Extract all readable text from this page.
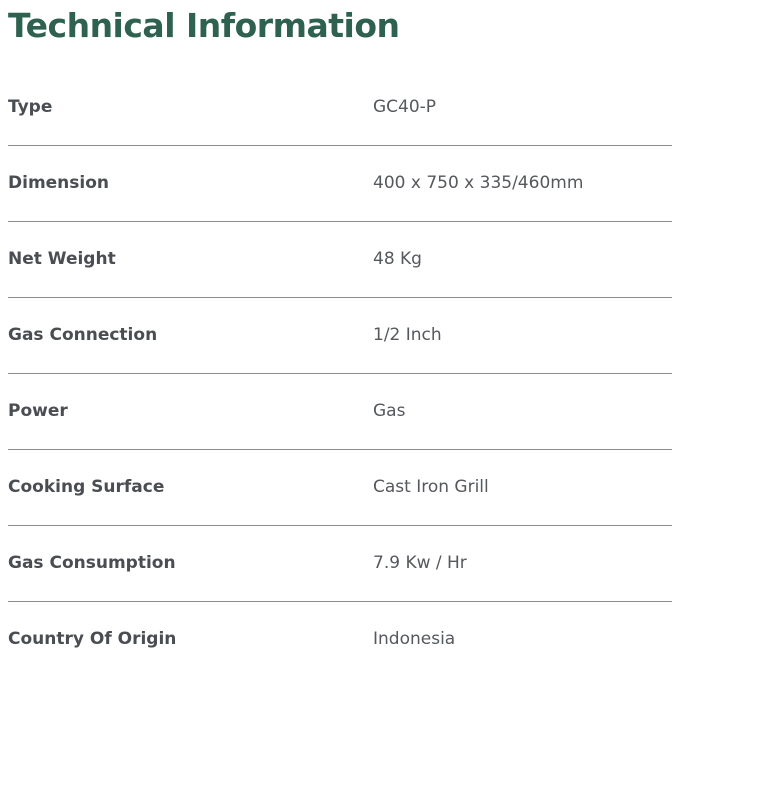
Technical Information
Type	GC40-P
Dimension	400 x 750 x 335/460mm
Net Weight	48 Kg
Gas Connection	1/2 Inch
Power	Gas
Cooking Surface	Cast Iron Grill
Gas Consumption	7.9 Kw / Hr
Country Of Origin	Indonesia
